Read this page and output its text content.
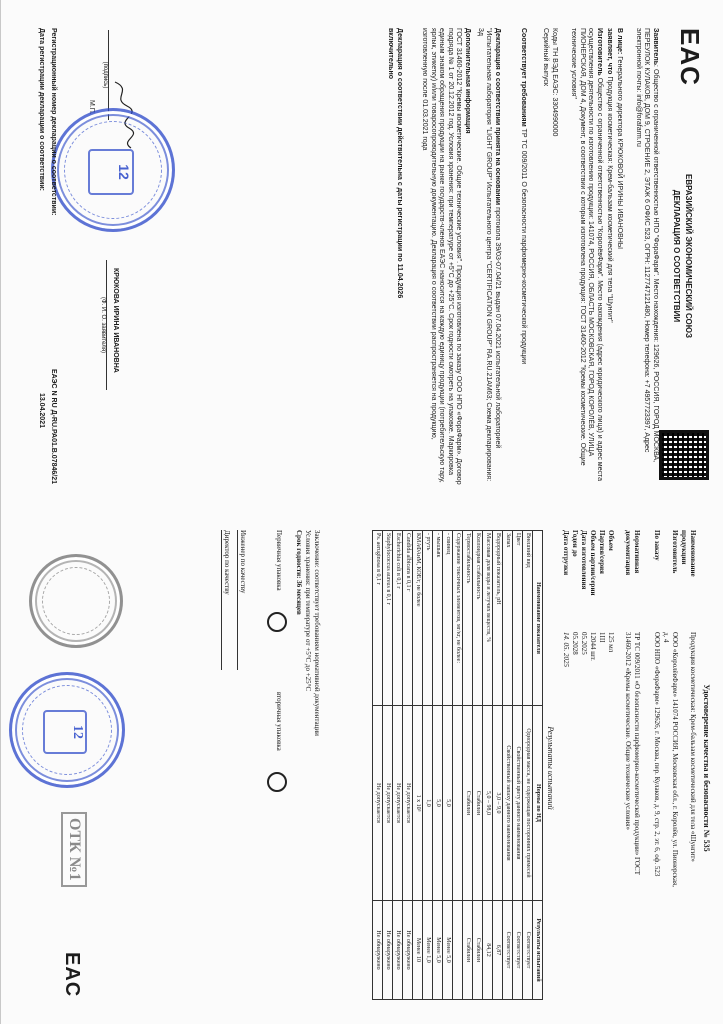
EAC
ЕВРАЗИЙСКИЙ ЭКОНОМИЧЕСКИЙ СОЮЗ
ДЕКЛАРАЦИЯ О СООТВЕТСТВИИ
Заявитель: Общество с ограниченной ответственностью НПО "ФораФарм". Место нахождения: 129626, РОССИЯ, ГОРОД МОСКВА, ПЕРЕУЛОК КУЛАКОВ, ДОМ 9, СТРОЕНИЕ 2, ЭТАЖ 6 ОФИС 523, ОГРН: 1127747121480, Номер телефона: +7 4957723397, Адрес электронной почты: info@forafarm.ru
В лице: Генерального директора КРЮКОВОЙ ИРИНЫ ИВАНОВНЫ
заявляет, что Продукция косметическая: Крем-бальзам косметический для тела "Шунгит"
Изготовитель Общество с ограниченной ответственностью "КоролёвФарм". Место нахождения (адрес юридического лица) и адрес места осуществления деятельности по изготовлению продукции: 141074, РОССИЯ, ОБЛАСТЬ МОСКОВСКАЯ, ГОРОД КОРОЛЁВ, УЛИЦА ПИОНЕРСКАЯ, ДОМ 4, Документ, в соответствии с которым изготовлена продукция: ГОСТ 31460-2012 "Кремы косметические. Общие технические условия"
Коды ТН ВЭД ЕАЭС: 3304990000
Серийный выпуск
Соответствует требованиям ТР ТС 009/2011 О безопасности парфюмерно-косметической продукции
Декларация о соответствии принята на основании протокола 39/03-07.04/21 выдан 07.04.2021 испытательной лабораторией "Испытательная лаборатория "LIGHT GROUP" Испытательного центра "CERTIFICATION GROUP" RA.RU.21AM63; Схема декларирования: 3д
Дополнительная информация
ГОСТ 31460-2012 "Кремы косметические. Общие технические условия". Продукция изготовлена по заказу ООО НПО «ФораФарм». Договор подряда № 1 от 20.12.2012 год. Условия хранения: при температуре от +5°С до +25°С. Срок годности смотреть на упаковке. Маркировка единым знаком обращения продукции на рынке государств-членов ЕАЭС наносится на каждую единицу продукции (потребительскую тару, ярлык, этикетку) и/или товаросопроводительную документацию. Декларация о соответствии распространяется на продукцию, изготовленную после 01.03.2021 года
Декларация о соответствии действительна с даты регистрации по 11.04.2026
включительно
(подпись)
М.П.
КРЮКОВА ИРИНА ИВАНОВНА
(Ф. И. О. заявителя)
12
Регистрационный номер декларации о соответствии:
ЕАЭС N RU Д-RU.РА01.В.07846/21
Дата регистрации декларации о соответствии:
13.04.2021
Удостоверение качества и безопасности № 535
Наименование продукции
Продукция косметическая: Крем-бальзам косметический для тела «Шунгит»
Изготовитель
ООО «КоролёвФарм» 141074 РОССИЯ, Московская обл., г. Королёв, ул. Пионерская, д. 4
По заказу
ООО НПО «ФораФарм» 129626, г. Москва, пер. Кулаков, д. 9, стр. 2, эт. 6, оф. 523
Нормативная документация
ТР ТС 009/2011 «О безопасности парфюмерно-косметической продукции» ГОСТ 31460-2012 «Кремы косметические. Общие технические условия»
Объем
125 мл
Партия/серия
1III
Объем партии/серии
12044 шт.
Дата изготовления
05.2025
Годен до
05.2028
Дата отгрузки
14. 05. 2025
Результаты испытаний
Наименование показателя	Нормы по НД	Результаты испытаний
Внешний вид	Однородная масса, не содержащая посторонних примесей	Соответствует
Цвет	Свойственный цвету данного наименования	Соответствует
Запах	Свойственный запаху данного наименования	Соответствует
Водородный показатель, pH	3,0 – 9,0	6,87
Массовая доля воды и летучих веществ, %	5,0 – 98,0	84,12
Коллоидная стабильность	Стабилен	Стабилен
Термостабильность	Стабилен	Стабилен
Содержание токсичных элементов, мг/кг, не более:		
- свинец	5,0	Менее 5,0
- мышьяк	5,0	Менее 5,0
- ртуть	1,0	Менее 1,0
КМАФАнМ, КОЕ/г, не более	1 х 10³	Менее 10
Candida albicans в 0,1 г	Не допускается	Не обнаружено
Escherichia coli в 0,1 г	Не допускается	Не обнаружено
Staphylococcus aureus в 0,1 г	Не допускается	Не обнаружено
Ps. aeruginosa в 0,1 г	Не допускается	Не обнаружено
Заключение: соответствует требованиям нормативной документации
Условия хранения: при температуре от +5°С до +25°С
Срок годности: 36 месяцев
Первичная упаковка
вторичная упаковка
Инженер по качеству
Директор по качеству
12
ОТК №1
EAC
